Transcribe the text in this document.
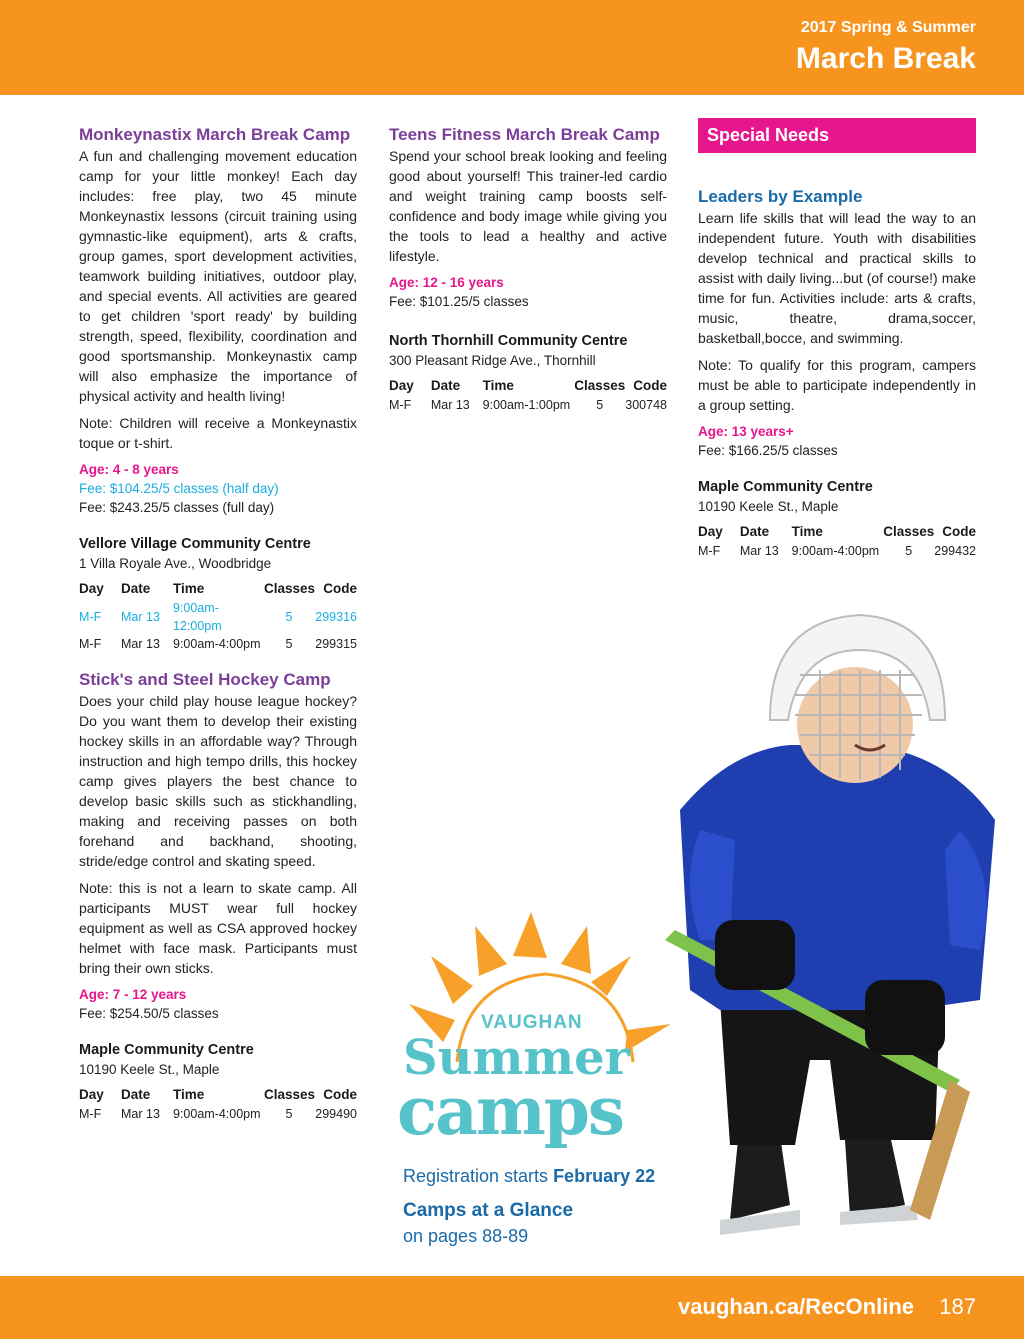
2017 Spring & Summer
March Break
Monkeynastix March Break Camp
A fun and challenging movement education camp for your little monkey! Each day includes: free play, two 45 minute Monkeynastix lessons (circuit training using gymnastic-like equipment), arts & crafts, group games, sport development activities, teamwork building initiatives, outdoor play, and special events. All activities are geared to get children 'sport ready' by building strength, speed, flexibility, coordination and good sportsmanship. Monkeynastix camp will also emphasize the importance of physical activity and health living!
Note: Children will receive a Monkeynastix toque or t-shirt.
Age: 4 - 8 years
Fee: $104.25/5 classes (half day)
Fee: $243.25/5 classes (full day)
Vellore Village Community Centre
1 Villa Royale Ave., Woodbridge
Day	Date	Time	Classes	Code
M-F	Mar 13	9:00am-12:00pm	5	299316
M-F	Mar 13	9:00am-4:00pm	5	299315
Stick's and Steel Hockey Camp
Does your child play house league hockey? Do you want them to develop their existing hockey skills in an affordable way? Through instruction and high tempo drills, this hockey camp gives players the best chance to develop basic skills such as stickhandling, making and receiving passes on both forehand and backhand, shooting, stride/edge control and skating speed.
Note: this is not a learn to skate camp. All participants MUST wear full hockey equipment as well as CSA approved hockey helmet with face mask. Participants must bring their own sticks.
Age: 7 - 12 years
Fee: $254.50/5 classes
Maple Community Centre
10190 Keele St., Maple
Day	Date	Time	Classes	Code
M-F	Mar 13	9:00am-4:00pm	5	299490
Teens Fitness March Break Camp
Spend your school break looking and feeling good about yourself! This trainer-led cardio and weight training camp boosts self-confidence and body image while giving you the tools to lead a healthy and active lifestyle.
Age: 12 - 16 years
Fee: $101.25/5 classes
North Thornhill Community Centre
300 Pleasant Ridge Ave., Thornhill
Day	Date	Time	Classes	Code
M-F	Mar 13	9:00am-1:00pm	5	300748
Special Needs
Leaders by Example
Learn life skills that will lead the way to an independent future. Youth with disabilities develop technical and practical skills to assist with daily living...but (of course!) make time for fun. Activities include: arts & crafts, music, theatre, drama,soccer, basketball,bocce, and swimming.
Note: To qualify for this program, campers must be able to participate independently in a group setting.
Age: 13 years+
Fee: $166.25/5 classes
Maple Community Centre
10190 Keele St., Maple
Day	Date	Time	Classes	Code
M-F	Mar 13	9:00am-4:00pm	5	299432
VAUGHAN
Summer
camps
Registration starts February 22
Camps at a Glance
on pages 88-89
vaughan.ca/RecOnline 187
